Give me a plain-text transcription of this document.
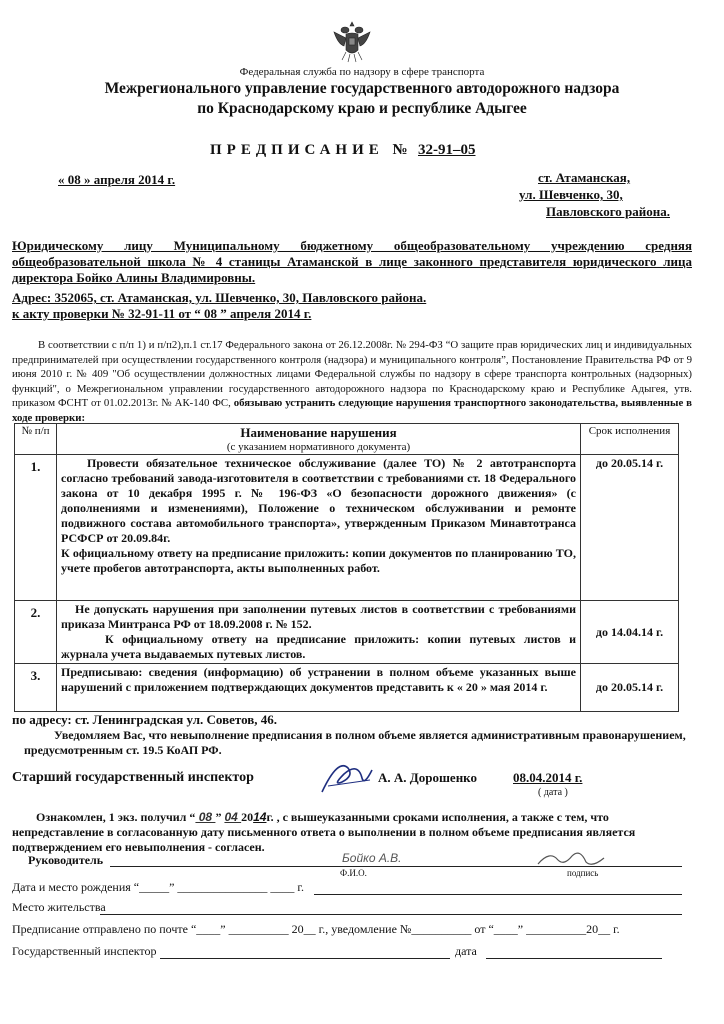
Федеральная служба по надзору в сфере транспорта
Межрегионального управление государственного автодорожного надзора
по Краснодарскому краю и республике Адыгее
ПРЕДПИСАНИЕ № 32-91–05
« 08 » апреля 2014 г.	ст. Атаманская,
ул. Шевченко, 30,
Павловского района.
Юридическому лицу Муниципальному бюджетному общеобразовательному учреждению средняя общеобразовательной школа № 4 станицы Атаманской в лице законного представителя юридического лица директора Бойко Алины Владимировны.
Адрес: 352065, ст. Атаманская, ул. Шевченко, 30, Павловского района.
к акту проверки № 32-91-11 от “ 08 ” апреля 2014 г.
В соответствии с п/п 1) и п/п2),п.1 ст.17 Федерального закона от 26.12.2008г. № 294-ФЗ “О защите прав юридических лиц и индивидуальных предпринимателей при осуществлении государственного контроля (надзора) и муниципального контроля”, Постановление Правительства РФ от 9 июня 2010 г. № 409 "Об осуществлении должностных лицами Федеральной службы по надзору в сфере транспорта контрольных (надзорных) функций", о Межрегиональном управлении государственного автодорожного надзора по Краснодарскому краю и Республике Адыгея, утв. приказом ФСНТ от 01.02.2013г. № АК-140 ФС, обязываю устранить следующие нарушения транспортного законодательства, выявленные в ходе проверки:
№ п/п	Наименование нарушения
(с указанием нормативного документа)	Срок исполнения
1.	Провести обязательное техническое обслуживание (далее ТО) № 2 автотранспорта согласно требований завода-изготовителя в соответствии с требованиями ст. 18 Федерального закона от 10 декабря 1995 г. № 196-ФЗ «О безопасности дорожного движения» (с дополнениями и изменениями), Положение о техническом обслуживании и ремонте подвижного состава автомобильного транспорта», утвержденным Приказом Минавтотранса РСФСР от 20.09.84г.
К официальному ответу на предписание приложить: копии документов по планированию ТО, учете пробегов автотранспорта, акты выполненных работ.	до 20.05.14 г.
2.	Не допускать нарушения при заполнении путевых листов в соответствии с требованиями приказа Минтранса РФ от 18.09.2008 г. № 152.
К официальному ответу на предписание приложить: копии путевых листов и журнала учета выдаваемых путевых листов.	до 14.04.14 г.
3.	Предписываю: сведения (информацию) об устранении в полном объеме указанных выше нарушений с приложением подтверждающих документов представить к « 20 » мая 2014 г.	до 20.05.14 г.
по адресу: ст. Ленинградская ул. Советов, 46.
Уведомляем Вас, что невыполнение предписания в полном объеме является административным правонарушением, предусмотренным ст. 19.5 КоАП РФ.
Старший государственный инспектор	А. А. Дорошенко	08.04.2014 г.
( дата )
Ознакомлен, 1 экз. получил “ 08 ” 04 2014г. , с вышеуказанными сроками исполнения, а также с тем, что непредставление в согласованную дату письменного ответа о выполнении в полном объеме предписания является подтверждением его невыполнения - согласен.
Руководитель	Бойко А.В.
Ф.И.О.	подпись
Дата и место рождения “_____” _______________ ____ г.
Место жительства
Предписание отправлено по почте “____” __________ 20__ г., уведомление №__________ от “____” __________20__ г.
Государственный инспектор	дата
